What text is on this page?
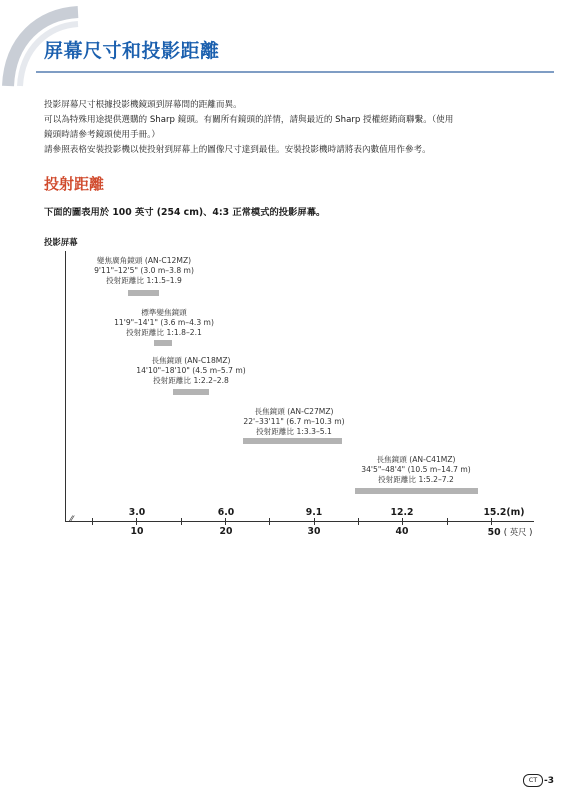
屏幕尺寸和投影距離

投影屏幕尺寸根據投影機鏡頭到屏幕間的距離而異。

可以為特殊用途提供選購的 Sharp 鏡頭。有關所有鏡頭的詳情，請與最近的 Sharp 授權經銷商聯繫。（使用

鏡頭時請參考鏡頭使用手冊。）

請參照表格安裝投影機以使投射到屏幕上的圖像尺寸達到最佳。安裝投影機時請將表內數值用作參考。

投射距離
下面的圖表用於 100 英寸 (254 cm)、4:3 正常模式的投影屏幕。
投影屏幕
變焦廣角鏡頭 (AN-C12MZ)
9'11"–12'5" (3.0 m–3.8 m)
投射距離比 1:1.5–1.9
標準變焦鏡頭
11'9"–14'1" (3.6 m–4.3 m)
投射距離比 1:1.8–2.1
長焦鏡頭 (AN-C18MZ)
14'10"–18'10" (4.5 m–5.7 m)
投射距離比 1:2.2–2.8
長焦鏡頭 (AN-C27MZ)
22'–33'11" (6.7 m–10.3 m)
投射距離比 1:3.3–5.1
長焦鏡頭 (AN-C41MZ)
34'5"–48'4" (10.5 m–14.7 m)
投射距離比 1:5.2–7.2
⁄⁄
3.0	6.0	9.1	12.2	15.2(m)
10	20	30	40	50 ( 英尺 )
CT -3
